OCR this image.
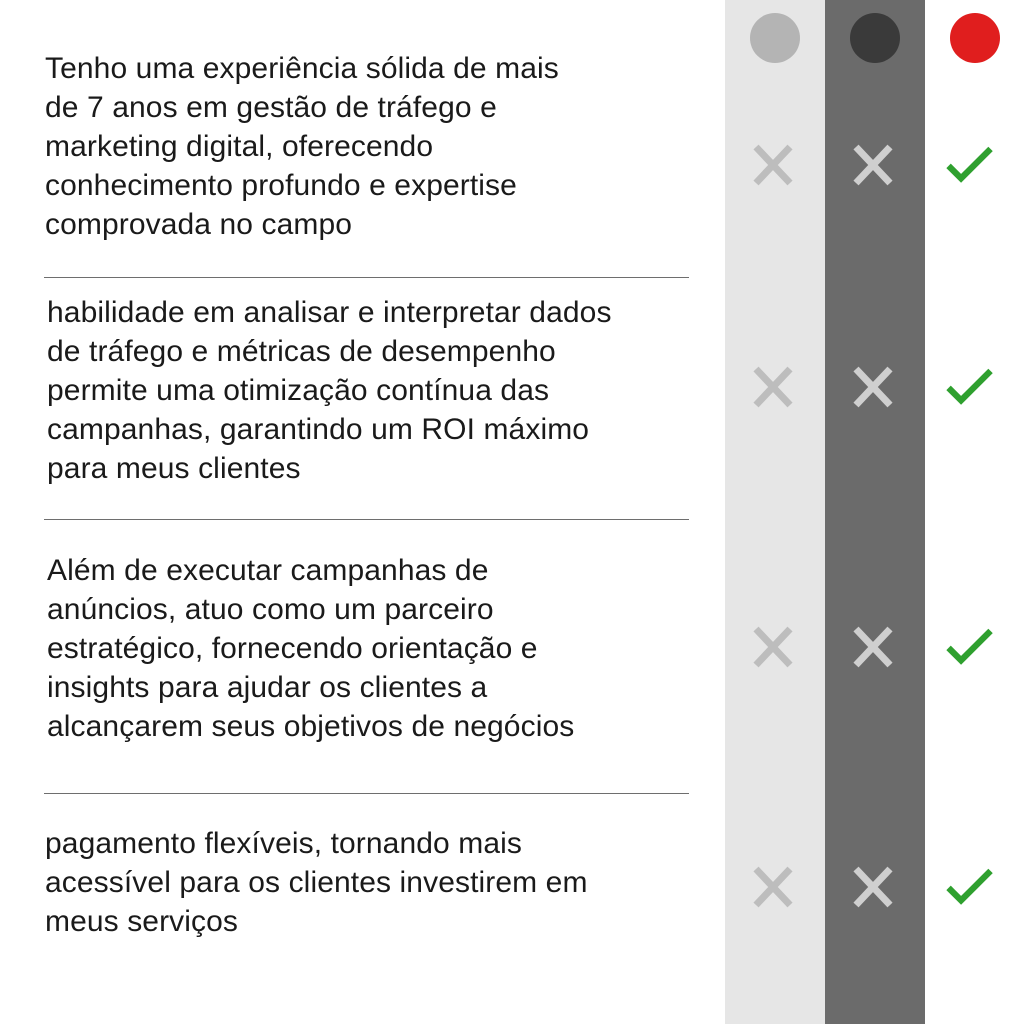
Tenho uma experiência sólida de mais
de 7 anos em gestão de tráfego e
marketing digital, oferecendo
conhecimento profundo e expertise
comprovada no campo

habilidade em analisar e interpretar dados
de tráfego e métricas de desempenho
permite uma otimização contínua das
campanhas, garantindo um ROI máximo
para meus clientes

Além de executar campanhas de
anúncios, atuo como um parceiro
estratégico, fornecendo orientação e
insights para ajudar os clientes a
alcançarem seus objetivos de negócios

pagamento flexíveis, tornando mais
acessível para os clientes investirem em
meus serviços
